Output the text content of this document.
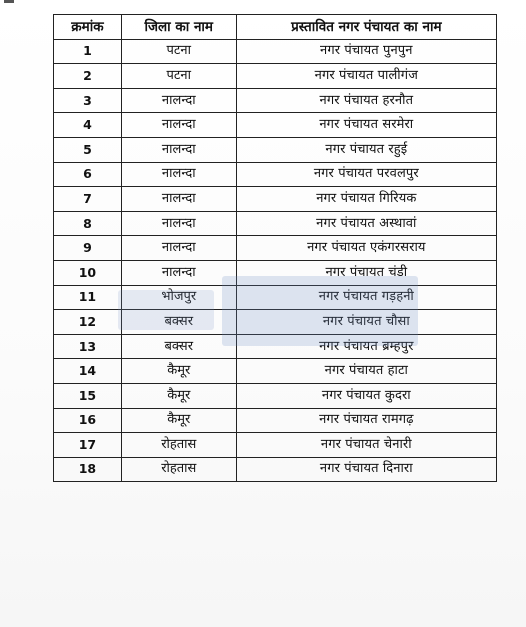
क्रमांक	जिला का नाम	प्रस्तावित नगर पंचायत का नाम
1	पटना	नगर पंचायत पुनपुन
2	पटना	नगर पंचायत पालीगंज
3	नालन्दा	नगर पंचायत हरनौत
4	नालन्दा	नगर पंचायत सरमेरा
5	नालन्दा	नगर पंचायत रहुई
6	नालन्दा	नगर पंचायत परवलपुर
7	नालन्दा	नगर पंचायत गिरियक
8	नालन्दा	नगर पंचायत अस्थावां
9	नालन्दा	नगर पंचायत एकंगरसराय
10	नालन्दा	नगर पंचायत चंडी
11	भोजपुर	नगर पंचायत गड़हनी
12	बक्सर	नगर पंचायत चौसा
13	बक्सर	नगर पंचायत ब्रम्हपुर
14	कैमूर	नगर पंचायत हाटा
15	कैमूर	नगर पंचायत कुदरा
16	कैमूर	नगर पंचायत रामगढ़
17	रोहतास	नगर पंचायत चेनारी
18	रोहतास	नगर पंचायत दिनारा
